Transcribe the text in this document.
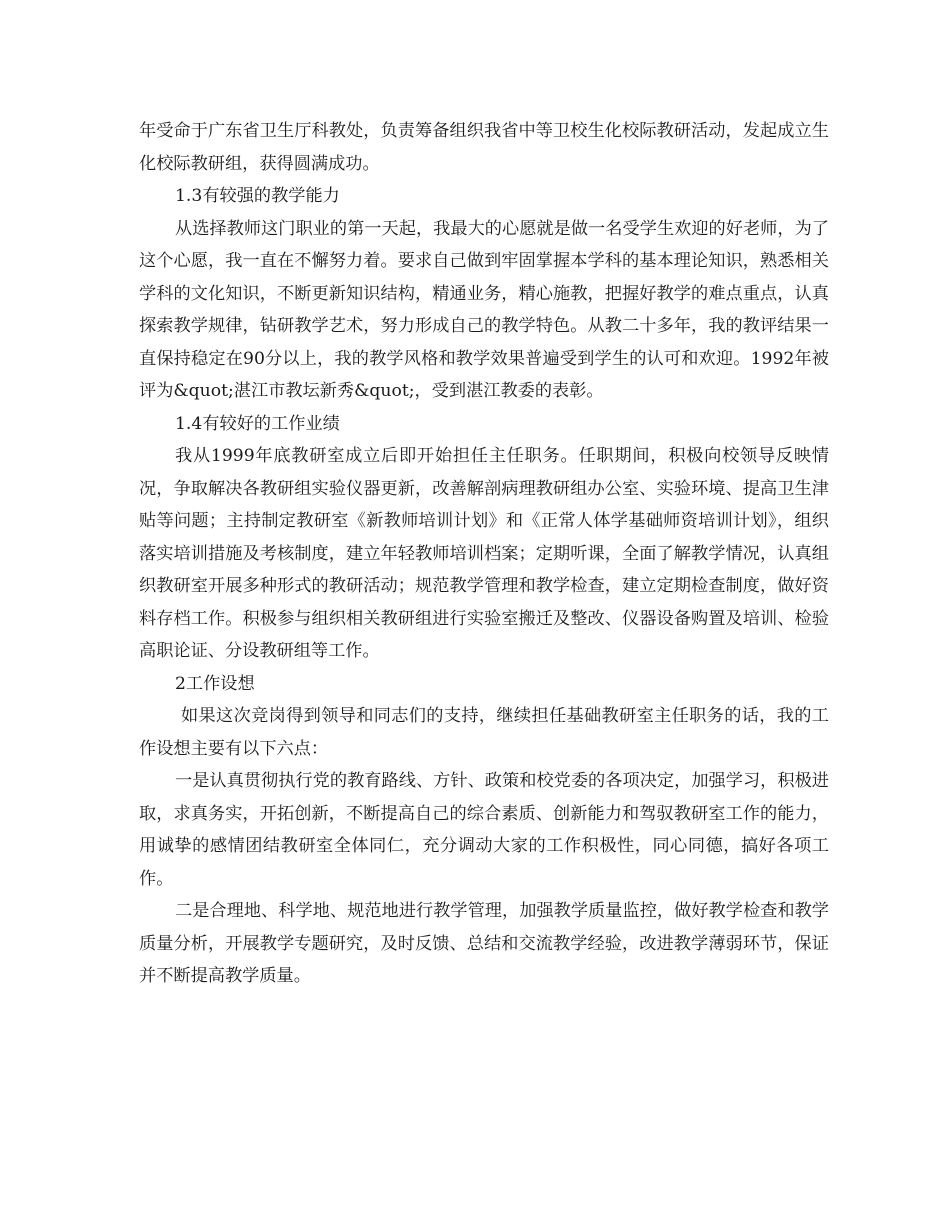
年受命于广东省卫生厅科教处，负责筹备组织我省中等卫校生化校际教研活动，发起成立生化校际教研组，获得圆满成功。

1.3有较强的教学能力

从选择教师这门职业的第一天起，我最大的心愿就是做一名受学生欢迎的好老师，为了这个心愿，我一直在不懈努力着。要求自己做到牢固掌握本学科的基本理论知识，熟悉相关学科的文化知识，不断更新知识结构，精通业务，精心施教，把握好教学的难点重点，认真探索教学规律，钻研教学艺术，努力形成自己的教学特色。从教二十多年，我的教评结果一直保持稳定在90分以上，我的教学风格和教学效果普遍受到学生的认可和欢迎。1992年被评为&quot;湛江市教坛新秀&quot;，受到湛江教委的表彰。

1.4有较好的工作业绩

我从1999年底教研室成立后即开始担任主任职务。任职期间，积极向校领导反映情况，争取解决各教研组实验仪器更新，改善解剖病理教研组办公室、实验环境、提高卫生津贴等问题；主持制定教研室《新教师培训计划》和《正常人体学基础师资培训计划》，组织落实培训措施及考核制度，建立年轻教师培训档案；定期听课，全面了解教学情况，认真组织教研室开展多种形式的教研活动；规范教学管理和教学检查，建立定期检查制度，做好资料存档工作。积极参与组织相关教研组进行实验室搬迁及整改、仪器设备购置及培训、检验高职论证、分设教研组等工作。

2工作设想

如果这次竞岗得到领导和同志们的支持，继续担任基础教研室主任职务的话，我的工作设想主要有以下六点：

一是认真贯彻执行党的教育路线、方针、政策和校党委的各项决定，加强学习，积极进取，求真务实，开拓创新，不断提高自己的综合素质、创新能力和驾驭教研室工作的能力，用诚挚的感情团结教研室全体同仁，充分调动大家的工作积极性，同心同德，搞好各项工作。

二是合理地、科学地、规范地进行教学管理，加强教学质量监控，做好教学检查和教学质量分析，开展教学专题研究，及时反馈、总结和交流教学经验，改进教学薄弱环节，保证并不断提高教学质量。
